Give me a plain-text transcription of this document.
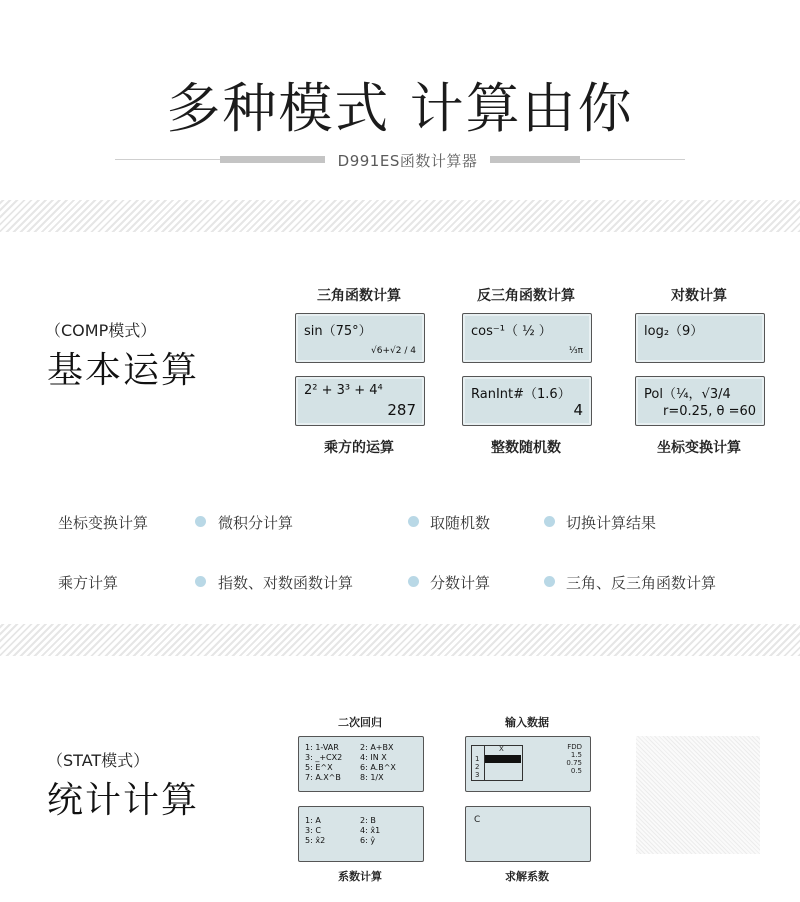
多种模式 计算由你
D991ES函数计算器
（COMP模式）
基本运算
三角函数计算	反三角函数计算	对数计算
sin（75°）
√6+√2 / 4
cos⁻¹（ ½ ）
⅓π
log₂（9）
2² + 3³ + 4⁴
287
RanInt#（1.6）
4
Pol（¼，√3/4
r=0.25, θ =60
乘方的运算	整数随机数	坐标变换计算
坐标变换计算	微积分计算	取随机数	切换计算结果
乘方计算	指数、对数函数计算	分数计算	三角、反三角函数计算
（STAT模式）
统计计算
二次回归	输入数据
1: 1-VAR	2: A+BX
3: _+CX2	4: IN X
5: E^X	6: A.B^X
7: A.X^B	8: 1/X
X
1
2
3
FDD
1.5
0.75
0.5
1: A	2: B
3: C	4: x̂1
5: x̂2	6: ŷ
C
系数计算	求解系数
